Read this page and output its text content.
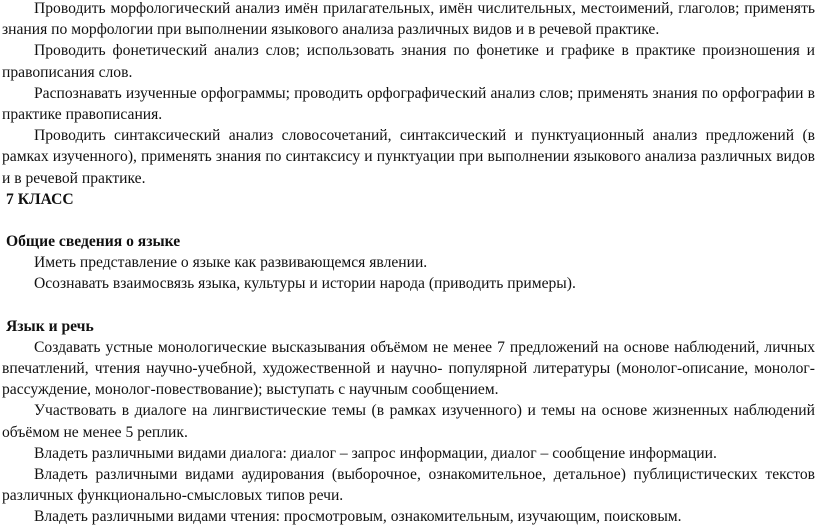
Проводить морфологический анализ имён прилагательных, имён числительных, местоимений, глаголов; применять знания по морфологии при выполнении языкового анализа различных видов и в речевой практике.

Проводить фонетический анализ слов; использовать знания по фонетике и графике в практике произношения и правописания слов.

Распознавать изученные орфограммы; проводить орфографический анализ слов; применять знания по орфографии в практике правописания.

Проводить синтаксический анализ словосочетаний, синтаксический и пунктуационный анализ предложений (в рамках изученного), применять знания по синтаксису и пунктуации при выполнении языкового анализа различных видов и в речевой практике.

7 КЛАСС

Общие сведения о языке

Иметь представление о языке как развивающемся явлении.

Осознавать взаимосвязь языка, культуры и истории народа (приводить примеры).

Язык и речь

Создавать устные монологические высказывания объёмом не менее 7 предложений на основе наблюдений, личных впечатлений, чтения научно-учебной, художественной и научно- популярной литературы (монолог-описание, монолог-рассуждение, монолог-повествование); выступать с научным сообщением.

Участвовать в диалоге на лингвистические темы (в рамках изученного) и темы на основе жизненных наблюдений объёмом не менее 5 реплик.

Владеть различными видами диалога: диалог – запрос информации, диалог – сообщение информации.

Владеть различными видами аудирования (выборочное, ознакомительное, детальное) публицистических текстов различных функционально-смысловых типов речи.

Владеть различными видами чтения: просмотровым, ознакомительным, изучающим, поисковым.
